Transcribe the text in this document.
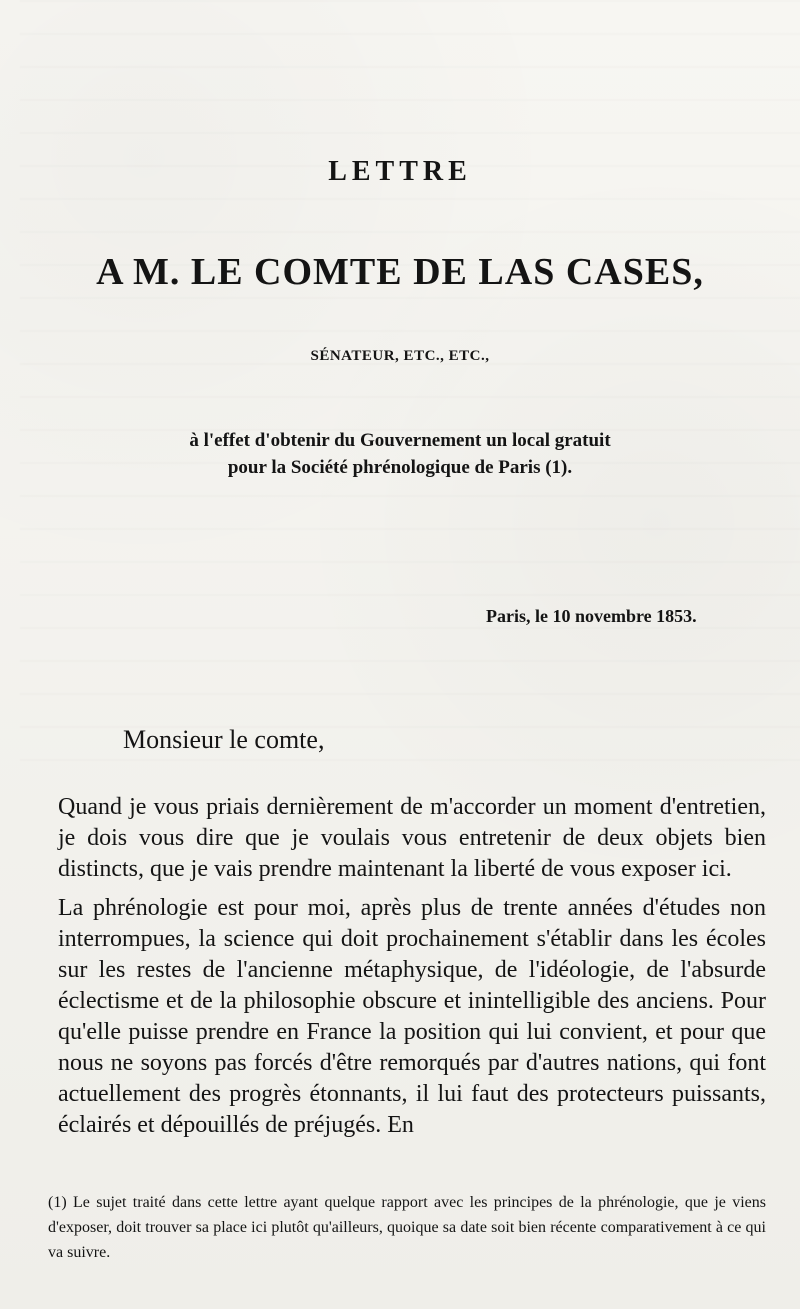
LETTRE
A M. LE COMTE DE LAS CASES,
SÉNATEUR, ETC., ETC.,
à l'effet d'obtenir du Gouvernement un local gratuit
pour la Société phrénologique de Paris (1).
Paris, le 10 novembre 1853.
Monsieur le comte,

Quand je vous priais dernièrement de m'accorder un moment d'entretien, je dois vous dire que je voulais vous entretenir de deux objets bien distincts, que je vais prendre maintenant la liberté de vous exposer ici.

La phrénologie est pour moi, après plus de trente années d'études non interrompues, la science qui doit prochainement s'établir dans les écoles sur les restes de l'ancienne métaphysique, de l'idéologie, de l'absurde éclectisme et de la philosophie obscure et inintelligible des anciens. Pour qu'elle puisse prendre en France la position qui lui convient, et pour que nous ne soyons pas forcés d'être remorqués par d'autres nations, qui font actuellement des progrès étonnants, il lui faut des protecteurs puissants, éclairés et dépouillés de préjugés. En

(1) Le sujet traité dans cette lettre ayant quelque rapport avec les principes de la phrénologie, que je viens d'exposer, doit trouver sa place ici plutôt qu'ailleurs, quoique sa date soit bien récente comparativement à ce qui va suivre.
